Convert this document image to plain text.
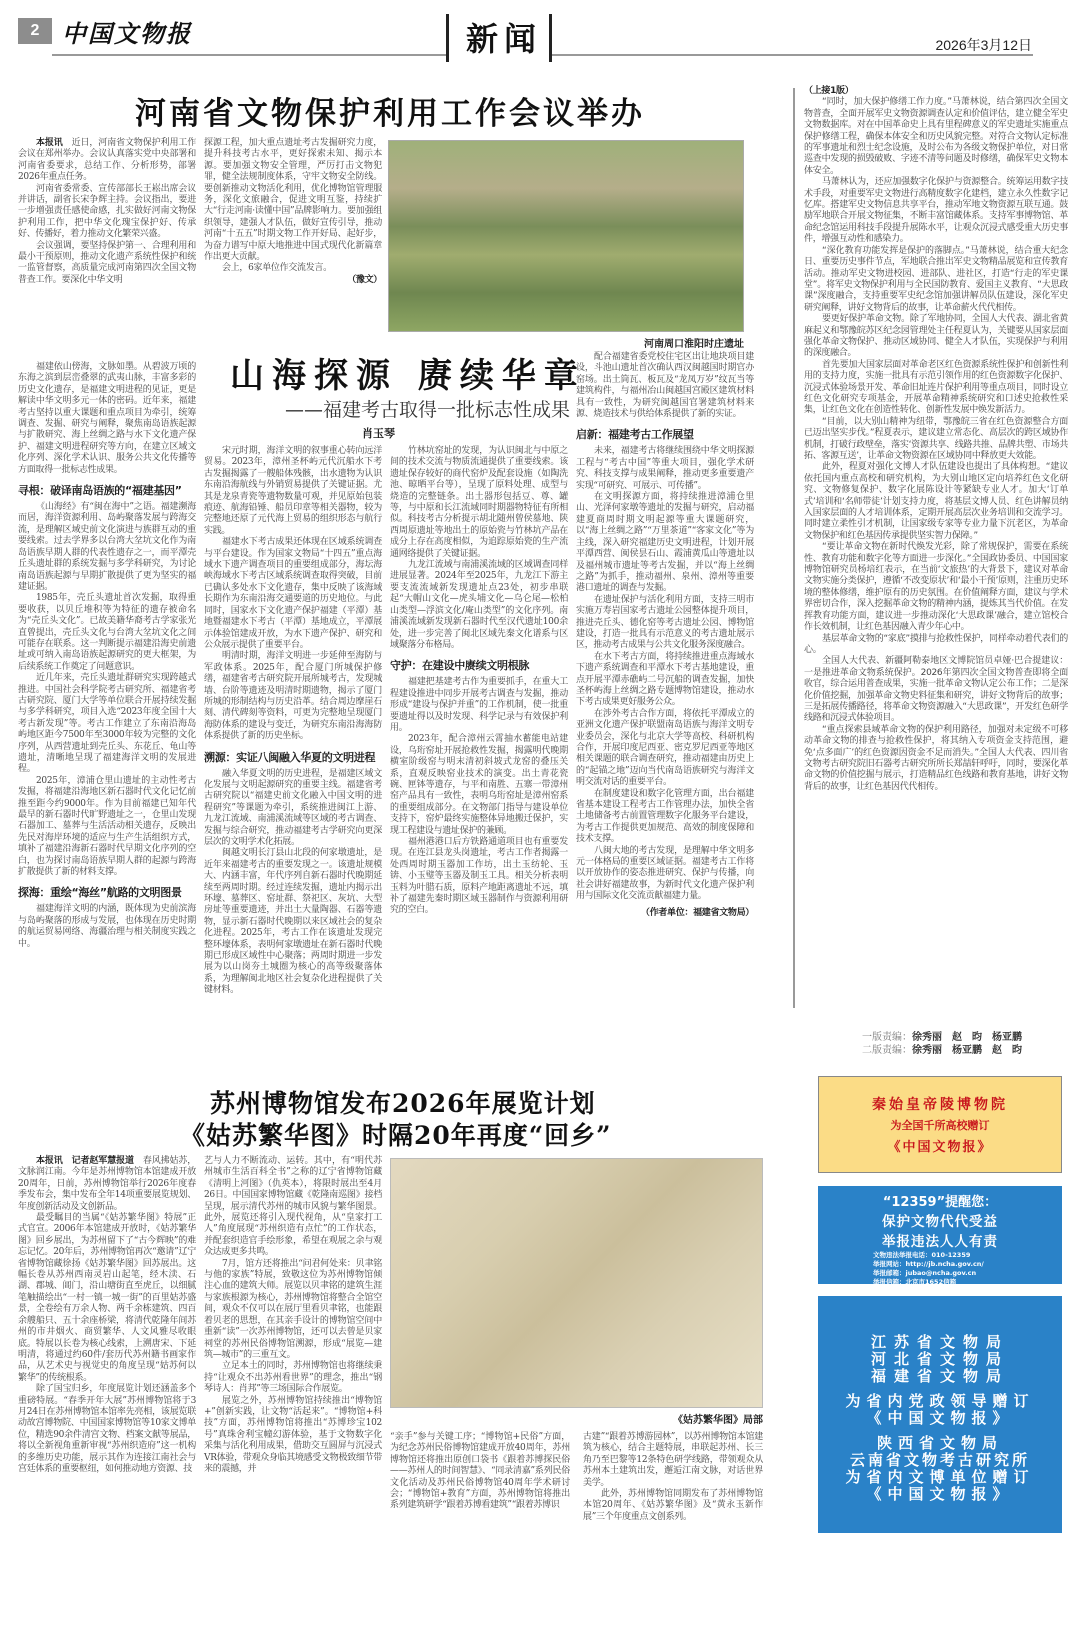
2 中国文物报	新闻	2026年3月12日
河南省文物保护利用工作会议举办

本报讯　 近日，河南省文物保护利用工作会议在郑州举办。会议认真落实党中央部署和河南省委要求，总结工作、分析形势，部署2026年重点任务。

河南省委常委、宣传部部长王崧出席会议并讲话，副省长宋争辉主持。会议指出，要进一步增强责任感使命感，扎实做好河南文物保护利用工作，把中华文化瑰宝保护好、传承好、传播好，着力推动文化繁荣兴盛。

会议强调，要坚持保护第一、合理利用和最小干预原则，推动文化遗产系统性保护和统一监管督察，高质量完成河南第四次全国文物普查工作。要深化中华文明

探源工程，加大重点遗址考古发掘研究力度，提升科技考古水平，更好探索未知、揭示本源。要加强文物安全管理，严厉打击文物犯罪，健全法规制度体系，守牢文物安全防线。要创新推动文物活化利用，优化博物馆管理服务，深化文旅融合，促进文明互鉴，持续扩大“行走河南·读懂中国”品牌影响力。要加强组织领导，建强人才队伍，做好宣传引导，推动河南“十五五”时期文物工作开好局、起好步，为奋力谱写中原大地推进中国式现代化新篇章作出更大贡献。

会上，6家单位作交流发言。

（豫文）
河南周口淮阳时庄遗址
山海探源 赓续华章
——福建考古取得一批标志性成果
肖玉琴

福建依山傍海，文脉如墨。从碧波万顷的东海之滨到层峦叠翠的武夷山脉，丰富多彩的历史文化遗存，是福建文明进程的见证，更是解读中华文明多元一体的密码。近年来，福建考古坚持以重大课题和重点项目为牵引，统筹调查、发掘、研究与阐释，聚焦南岛语族起源与扩散研究、海上丝绸之路与水下文化遗产保护、福建文明进程研究等方向，在建立区域文化序列、深化学术认识、服务公共文化传播等方面取得一批标志性成果。

寻根：破译南岛语族的“福建基因”

《山海经》有“闽在海中”之语。福建濒海而居，海洋资源利用、岛屿聚落发展与跨海交流，是理解区域史前文化演进与族群互动的重要线索。过去学界多以台湾大坌坑文化作为南岛语族早期人群的代表性遗存之一，而平潭壳丘头遗址群的系统发掘与多学科研究，为讨论南岛语族起源与早期扩散提供了更为坚实的福建证据。

1985年，壳丘头遗址首次发掘，取得重要收获，以贝丘堆积等为特征的遗存被命名为“壳丘头文化”。已故美籍华裔考古学家张光直曾提出，壳丘头文化与台湾大坌坑文化之间可能存在联系。这一判断提示福建沿海史前遗址或可纳入南岛语族起源研究的更大框架，为后续系统工作奠定了问题意识。

近几年来，壳丘头遗址群研究实现跨越式推进。中国社会科学院考古研究所、福建省考古研究院、厦门大学等单位联合开展持续发掘与多学科研究，项目入选“2023年度全国十大考古新发现”等。考古工作建立了东南沿海岛屿地区距今7500年至3000年较为完整的文化序列，从西营遗址到壳丘头、东花丘、龟山等遗址，清晰地呈现了福建海洋文明的发展进程。

2025年，漳浦仓里山遗址的主动性考古发掘，将福建沿海地区新石器时代文化记忆前推至距今约9000年。作为目前福建已知年代最早的新石器时代旷野遗址之一，仓里山发现石器加工、墓葬与生活活动相关遗存，反映出先民对海岸环境的适应与生产生活组织方式，填补了福建沿海新石器时代早期文化序列的空白，也为探讨南岛语族早期人群的起源与跨海扩散提供了新的材料支撑。

探海：重绘“海丝”航路的文明图景

福建海洋文明的内涵，既体现为史前滨海与岛屿聚落的形成与发展，也体现在历史时期的航运贸易网络、海疆治理与相关制度实践之中。

宋元时期，海洋文明的叙事重心转向远洋贸易。2023年，漳州圣杯屿元代沉船水下考古发掘揭露了一艘船体残骸，出水遗物为认识东南沿海航线与外销贸易提供了关键证据。尤其是龙泉青瓷等遗物数量可观，并见原始包装痕迹、航海铅锤、船员印章等相关器物，较为完整地还原了元代海上贸易的组织形态与航行实践。

福建水下考古成果还体现在区域系统调查与平台建设。作为国家文物局“十四五”重点海域水下遗产调查项目的重要组成部分，海坛海峡海域水下考古区域系统调查取得突破，目前已确认多处水下文化遗存，集中反映了该海域长期作为东南沿海交通要道的历史地位。与此同时，国家水下文化遗产保护福建（平潭）基地暨福建水下考古（平潭）基地成立，平潭展示体验馆建成开放，为水下遗产保护、研究和公众展示提供了重要平台。

明清时期，海洋文明进一步延伸至海防与军政体系。2025年，配合厦门所城保护修缮，福建省考古研究院开展所城考古，发现城墙、台阶等遗迹及明清时期遗物，揭示了厦门所城的形制结构与历史沿革。结合周边摩崖石刻、清代碑刻等资料，可更为完整地呈现厦门海防体系的建设与变迁，为研究东南沿海海防体系提供了新的历史坐标。

溯源：实证八闽融入华夏的文明进程

融入华夏文明的历史进程，是福建区域文化发展与文明起源研究的重要主线。福建省考古研究院以“福建史前文化融入中国文明的进程研究”等课题为牵引，系统推进闽江上游、九龙江流域、南浦溪流域等区域的考古调查、发掘与综合研究，推动福建考古学研究向更深层次的文明学术化拓展。

闽越文明长汀县山北段的何家墩遗址，是近年来福建考古的重要发现之一。该遗址规模大、内涵丰富，年代序列自新石器时代晚期延续至两周时期。经过连续发掘，遗址内揭示出环壕、墓葬区、窑址群、祭祀区、灰坑、大型房址等重要遗迹，并出土大量陶器、石器等遗物，显示新石器时代晚期以来区域社会的复杂化进程。2025年，考古工作在该遗址发现完整环壕体系，表明何家墩遗址在新石器时代晚期已形成区域性中心聚落；两周时期进一步发展为以山岗夯土城圈为核心的高等级聚落体系，为理解闽北地区社会复杂化进程提供了关键材料。

竹林坑窑址的发现，为认识闽北与中原之间的技术交流与物质流通提供了重要线索。该遗址保存较好的商代窑炉及配套设施（如陶洗池、晾晒平台等），呈现了原料处理、成型与烧造的完整链条。出土器形包括豆、尊、罐等，与中原和长江流域同时期器物特征有所相似。科技考古分析提示胡北随州曾侯墓地、陕西周原遗址等地出土的原始瓷与竹林坑产品在成分上存在高度相似，为追踪原始瓷的生产流通网络提供了关键证据。

九龙江流域与南浦溪流域的区域调查同样进展显著。2024年至2025年，九龙江下游主要支流流域新发现遗址点23处，初步串联起“大帽山文化—虎头埔文化—乌仑尾—松柏山类型—浮滨文化/庵山类型”的文化序列。南浦溪流域新发现新石器时代至汉代遗址100余处，进一步完善了闽北区域先秦文化谱系与区域聚落分布格局。

守护：在建设中赓续文明根脉

福建把基建考古作为重要抓手，在重大工程建设推进中同步开展考古调查与发掘，推动形成“建设与保护并重”的工作机制，使一批重要遗址得以及时发现、科学记录与有效保护利用。

2023年，配合漳州云霄抽水蓄能电站建设，乌珩窑址开展抢救性发掘，揭露明代晚期横室阶级窑与明末清初斜坡式龙窑的叠压关系，直观反映窑业技术的演变。出土青花瓷碗、匣钵等遗存，与平和南胜、五寨一带漳州窑产品具有一致性，表明乌珩窑址是漳州窑系的重要组成部分。在文物部门指导与建设单位支持下，窑炉最终实施整体异地搬迁保护，实现工程建设与遗址保护的兼顾。

福州港港口后方铁路通道项目也有重要发现。在连江县龙头岗遗址，考古工作者揭露一处西周时期玉器加工作坊，出土玉纺轮、玉锛、小玉璧等玉器及制玉工具。相关分析表明玉料为叶腊石质，原料产地距离遗址不远，填补了福建先秦时期区域玉器制作与资源利用研究的空白。

配合福建省委党校住宅区出让地块项目建设，斗池山遗址首次确认西汉闽越国时期官办窑场。出土筒瓦、板瓦及“龙凤万岁”纹瓦当等建筑构件，与福州冶山闽越国宫殿区建筑材料具有一致性，为研究闽越国官署建筑材料来源、烧造技术与供给体系提供了新的实证。

启新：福建考古工作展望

未来，福建考古将继续围绕中华文明探源工程与“考古中国”等重大项目，强化学术研究、科技支撑与成果阐释，推动更多重要遗产实现“可研究、可展示、可传播”。

在文明探源方面，将持续推进漳浦仓里山、光泽何家墩等遗址的发掘与研究，启动福建夏商周时期文明起源等重大课题研究，以“海上丝绸之路”“万里茶道”“客家文化”等为主线，深入研究福建历史文明进程，计划开展平潭西营、闽侯昙石山、霞浦黄瓜山等遗址以及福州城市遗址等考古发掘，并以“海上丝绸之路”为抓手，推动福州、泉州、漳州等重要港口遗址的调查与发掘。

在遗址保护与活化利用方面，支持三明市实施万寿岩国家考古遗址公园整体提升项目，推进壳丘头、德化窑等考古遗址公园、博物馆建设，打造一批具有示范意义的考古遗址展示区，推动考古成果与公共文化服务深度融合。

在水下考古方面，将持续推进重点海域水下遗产系统调查和平潭水下考古基地建设，重点开展平潭赤礁屿二号沉船的调查发掘，加快圣杯屿海上丝绸之路专题博物馆建设，推动水下考古成果更好服务公众。

在涉外考古合作方面，将依托平潭成立的亚洲文化遗产保护联盟南岛语族与海洋文明专业委员会，深化与北京大学等高校、科研机构合作，开展印度尼西亚、密克罗尼西亚等地区相关课题的联合调查研究，推动福建由历史上的“起锚之地”迈向当代南岛语族研究与海洋文明交流对话的重要平台。

在制度建设和数字化管理方面，出台福建省基本建设工程考古工作管理办法，加快全省土地储备考古前置管理数字化服务平台建设，为考古工作提供更加规范、高效的制度保障和技术支撑。

八闽大地的考古发现，是理解中华文明多元一体格局的重要区域证据。福建考古工作将以开放协作的姿态推进研究、保护与传播，向社会讲好福建故事，为新时代文化遗产保护利用与国际文化交流贡献福建力量。

（作者单位：福建省文物局）
（上接1版）

“同时，加大保护修缮工作力度。”马萧林说，结合第四次全国文物普查，全面开展军史文物资源调查认定和价值评估，建立健全军史文物数据库。对在中国革命史上具有里程碑意义的军史遗址实施重点保护修缮工程，确保本体安全和历史风貌完整。对符合文物认定标准的军事遗址和烈士纪念设施，及时公布为各级文物保护单位，对日常巡查中发现的损毁破败、字迹不清等问题及时修缮，确保军史文物本体安全。

马萧林认为，还应加强数字化保护与资源整合。统筹运用数字技术手段，对重要军史文物进行高精度数字化建档，建立永久性数字记忆库。搭建军史文物信息共享平台，推动军地文物资源互联互通。鼓励军地联合开展文物征集，不断丰富馆藏体系。支持军事博物馆、革命纪念馆运用科技手段提升展陈水平，让观众沉浸式感受重大历史事件，增强互动性和感染力。

“深化教育功能发挥是保护的落脚点。”马萧林说，结合重大纪念日、重要历史事件节点，军地联合推出军史文物精品展览和宣传教育活动。推动军史文物进校园、进部队、进社区，打造“行走的军史课堂”。将军史文物保护利用与全民国防教育、爱国主义教育、“大思政课”深度融合，支持重要军史纪念馆加强讲解员队伍建设，深化军史研究阐释，讲好文物背后的故事，让革命薪火代代相传。

要更好保护革命文物。除了军地协同，全国人大代表、湖北省黄麻起义和鄂豫皖苏区纪念园管理处主任程夏认为，关键要从国家层面强化革命文物保护、推动区域协同、健全人才队伍，实现保护与利用的深度融合。

首先要加大国家层面对革命老区红色资源系统性保护和创新性利用的支持力度，实施一批具有示范引领作用的红色资源数字化保护、沉浸式体验场景开发、革命旧址连片保护利用等重点项目，同时设立红色文化研究专项基金，开展革命精神系统研究和口述史抢救性采集，让红色文化在创造性转化、创新性发展中焕发新活力。

“目前，以大别山精神为纽带，鄂豫皖三省在红色资源整合方面已迈出坚实步伐。”程夏表示，建议建立常态化、高层次的跨区域协作机制，打破行政壁垒，落实‘资源共享、线路共推、品牌共塑、市场共拓、客源互送’，让革命文物资源在区域协同中释放更大效能。

此外，程夏对强化文博人才队伍建设也提出了具体构想。“建议依托国内重点高校和研究机构，为大别山地区定向培养红色文化研究、文物修复保护、数字化展陈设计等紧缺专业人才。加大‘订单式’培训和‘名师带徒’计划支持力度，将基层文博人员、红色讲解员纳入国家层面的人才培训体系，定期开展高层次业务培训和交流学习。同时建立柔性引才机制，让国家级专家等专业力量下沉老区，为革命文物保护和红色基因传承提供坚实智力保障。”

“要让革命文物在新时代焕发光彩，除了常规保护，需要在系统性、教育功能和数字化等方面进一步深化。”全国政协委员、中国国家博物馆研究员杨培红表示，在当前‘文旅热’的大背景下，建议对革命文物实施分类保护，遵循‘不改变原状’和‘最小干预’原则，注重历史环境的整体修缮，维护原有的历史氛围。在价值阐释方面，建议与学术界密切合作，深入挖掘革命文物的精神内涵，提炼其当代价值。在发挥教育功能方面，建议进一步推动深化‘大思政课’融合，建立馆校合作长效机制，让红色基因融入青少年心中。

基层革命文物的“家底”摸排与抢救性保护，同样牵动着代表们的心。

全国人大代表、新疆阿勒泰地区文博院馆员卓娅·巴合提建议：一是推进革命文物系统保护。2026年第四次全国文物普查即将全面收官，综合运用普查成果，实施一批革命文物认定公布工作；二是深化价值挖掘，加强革命文物史料征集和研究，讲好文物背后的故事；三是拓展传播路径，将革命文物资源融入“大思政课”，开发红色研学线路和沉浸式体验项目。

“重点探索县域革命文物的保护利用路径，加强对未定级不可移动革命文物的排查与抢救性保护，将其纳入专项资金支持范围，避免‘点多面广’的红色资源因资金不足而消失。”全国人大代表、四川省文物考古研究院旧石器考古研究所所长郑喆轩呼吁，同时，要深化革命文物的价值挖掘与展示，打造精品红色线路和教育基地，讲好文物背后的故事，让红色基因代代相传。

一版责编：徐秀丽　赵　昀　杨亚鹏
二版责编：徐秀丽　杨亚鹏　赵　昀
秦始皇帝陵博物院
为全国千所高校赠订
《中国文物报》
“12359”提醒您：
保护文物代代受益
举报违法人人有责
文物违法举报电话：010-12359
举报网站：http://jb.ncha.gov.cn/
举报邮箱：jubao@ncha.gov.cn
举报信箱：北京市1652信箱
邮编：100009
江苏省文物局
河北省文物局
福建省文物局
为省内党政领导赠订
《中国文物报》
陕西省文物局
云南省文物考古研究所
为省内文博单位赠订
《中国文物报》
苏州博物馆发布2026年展览计划
《姑苏繁华图》时隔20年再度“回乡”

本报讯　记者赵军慧报道　 春风拂姑苏，文脉润江南。今年是苏州博物馆本馆建成开放20周年，日前，苏州博物馆举行2026年度春季发布会，集中发布全年14项重要展览规划、年度创新活动及文创新品。

最受瞩目的当属“《姑苏繁华图》特展”正式官宣。2006年本馆建成开放时，《姑苏繁华图》回乡展出，为苏州留下了“古今辉映”的难忘记忆。20年后，苏州博物馆再次“邀请”辽宁省博物馆藏徐扬《姑苏繁华图》回苏展出。这幅长卷从苏州西南灵岩山起笔，经木渎、石湖、郡城、阊门，沿山塘街直至虎丘，以细腻笔触描绘出“一村一镇一城一街”的百里姑苏盛景，全卷绘有万余人物、两千余栋建筑、四百余艘船只、五十余座桥梁，将清代乾隆年间苏州的市井烟火、商贸繁华、人文风雅尽收眼底。特展以长卷为核心线索，上溯唐宋、下延明清，将通过约60件/套历代苏州籍书画家作品，从艺术史与视觉史的角度呈现“姑苏何以繁华”的传统根系。

除了国宝归乡，年度展览计划还涵盖多个重磅特展。“春季开年大展”苏州博物馆将于3月24日在苏州博物馆本馆率先亮相，该展览联动故宫博物院、中国国家博物馆等10家文博单位，精选90余件清宫文物、档案文献等展品，将以全新视角重新审视“苏州织造府”这一机构的多维历史功能，展示其作为连接江南社会与宫廷体系的重要枢纽，如何推动地方资源、技

艺与人力不断流动、运转。其中，有“明代苏州城市生活百科全书”之称的辽宁省博物馆藏《清明上河图》（仇英本），将限时展出至4月26日。中国国家博物馆藏《乾隆南巡图》接档呈现，展示清代苏州的城市风貌与繁华图景。此外，展览还将引入现代视角，从“皇家打工人”角度展现“苏州织造有点忙”的工作状态，并配套织造官手绘形象，希望在观展之余与观众达成更多共鸣。

7月，馆方还将推出“问君何处来：贝聿铭与他的家族”特展，致敬这位为苏州博物馆倾注心血的建筑大师。展览以贝聿铭的建筑生涯与家族根源为核心，苏州博物馆将整合全馆空间，观众不仅可以在展厅里看贝聿铭，也能跟着贝老的思想，在其亲手设计的博物馆空间中重新“读”一次苏州博物馆，还可以去曾是贝家祠堂的苏州民俗博物馆溯源，形成“展览—建筑—城市”的三重互文。

立足本土的同时，苏州博物馆也将继续秉持“让观众不出苏州看世界”的理念，推出“钢琴诗人：肖邦”等三场国际合作展览。

展览之外，苏州博物馆持续推出“博物馆+”创新实践，让文物“活起来”。“博物馆+科技”方面，苏州博物馆将推出“苏博珍宝102号”真珠舍利宝幢幻游体验，基于文物数字化采集与活化利用成果，借助交互圆屏与沉浸式VR体验，带观众身临其境感受文物极致细节带来的震撼，并

《姑苏繁华图》局部

“亲手”参与关键工序；“博物馆+民俗”方面，为纪念苏州民俗博物馆建成开放40周年，苏州博物馆还将推出原创口袋书《跟着苏博探民俗——苏州人的时间智慧》、“同录清嘉”系列民俗文化活动及苏州民俗博物馆40周年学术研讨会；“博物馆+教育”方面，苏州博物馆将推出系列建筑研学“跟着苏博看建筑”“跟着苏博识

古建”“跟着苏博游园林”，以苏州博物馆本馆建筑为核心，结合主题特展，串联起苏州、长三角乃至巴黎等12条特色研学线路，带领观众从苏州本土建筑出发，邂逅江南文脉，对话世界美学。

此外，苏州博物馆同期发布了苏州博物馆本馆20周年、《姑苏繁华图》及“黄永玉新作展”三个年度重点文创系列。
